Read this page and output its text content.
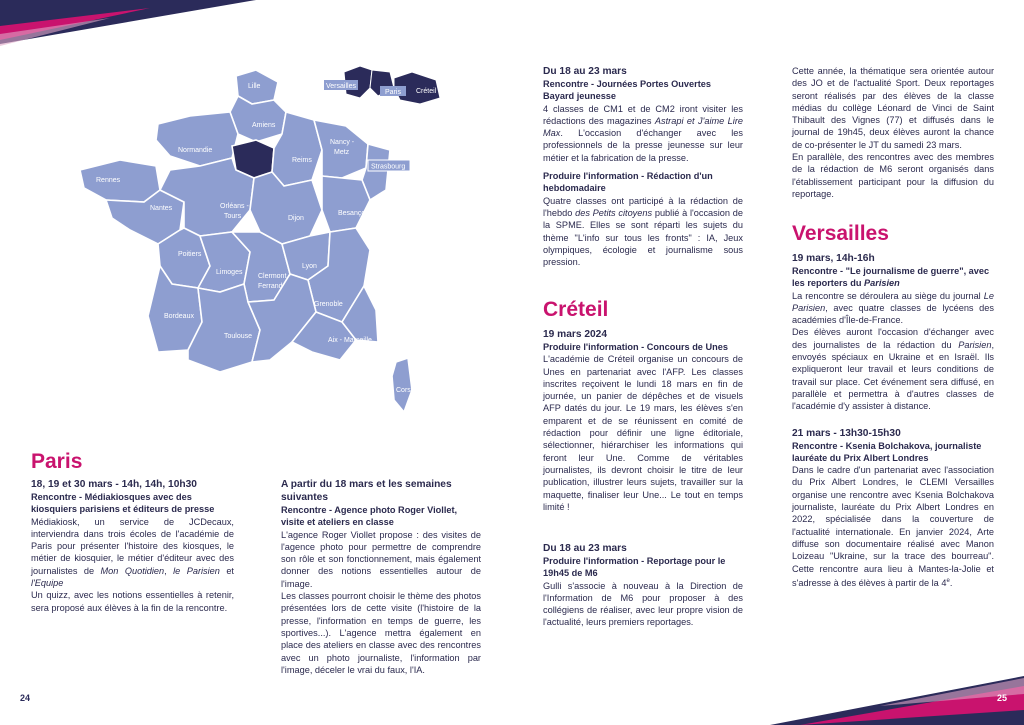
Lille
Amiens
Normandie
Reims
Nancy -
Metz
Rennes
Nantes	Orléans -
Tours	Dijon
Besançon
Poitiers
Limoges
Clermont -
Ferrand
Lyon
Grenoble
Bordeaux
Toulouse
Aix - Marseille
Nice
Montpellier
Corse
Strasbourg
Versailles
Paris Créteil
Paris

18, 19 et 30 mars - 14h, 14h, 10h30

Rencontre - Médiakiosques avec des kiosquiers parisiens et éditeurs de presse

Médiakiosk, un service de JCDecaux, interviendra dans trois écoles de l'académie de Paris pour présenter l'histoire des kiosques, le métier de kiosquier, le métier d'éditeur avec des journalistes de Mon Quotidien, le Parisien et l'Equipe

Un quizz, avec les notions essentielles à retenir, sera proposé aux élèves à la fin de la rencontre.

A partir du 18 mars et les semaines suivantes

Rencontre - Agence photo Roger Viollet, visite et ateliers en classe

L'agence Roger Viollet propose : des visites de l'agence photo pour permettre de comprendre son rôle et son fonctionnement, mais également donner des notions essentielles autour de l'image.

Les classes pourront choisir le thème des photos présentées lors de cette visite (l'histoire de la presse, l'information en temps de guerre, les sportives...). L'agence mettra également en place des ateliers en classe avec des rencontres avec un photo journaliste, l'information par l'image, déceler le vrai du faux, l'IA.

Du 18 au 23 mars

Rencontre - Journées Portes Ouvertes Bayard jeunesse

4 classes de CM1 et de CM2 iront visiter les rédactions des magazines Astrapi et J'aime Lire Max. L'occasion d'échanger avec les professionnels de la presse jeunesse sur leur métier et la fabrication de la presse.

Produire l'information - Rédaction d'un hebdomadaire

Quatre classes ont participé à la rédaction de l'hebdo des Petits citoyens publié à l'occasion de la SPME. Elles se sont réparti les sujets du thème "L'info sur tous les fronts" : IA, Jeux olympiques, écologie et journalisme sous pression.

Créteil

19 mars 2024

Produire l'information - Concours de Unes

L'académie de Créteil organise un concours de Unes en partenariat avec l'AFP. Les classes inscrites reçoivent le lundi 18 mars en fin de journée, un panier de dépêches et de visuels AFP datés du jour. Le 19 mars, les élèves s'en emparent et de se réunissent en comité de rédaction pour définir une ligne éditoriale, sélectionner, hiérarchiser les informations qui feront leur Une. Comme de véritables journalistes, ils devront choisir le titre de leur publication, illustrer leurs sujets, travailler sur la maquette, finaliser leur Une... Le tout en temps limité !

Du 18 au 23 mars

Produire l'information - Reportage pour le 19h45 de M6

Gulli s'associe à nouveau à la Direction de l'Information de M6 pour proposer à des collégiens de réaliser, avec leur propre vision de l'actualité, leurs premiers reportages.

Cette année, la thématique sera orientée autour des JO et de l'actualité Sport. Deux reportages seront réalisés par des élèves de la classe médias du collège Léonard de Vinci de Saint Thibault des Vignes (77) et diffusés dans le journal de 19h45, deux élèves auront la chance de co-présenter le JT du samedi 23 mars.

En parallèle, des rencontres avec des membres de la rédaction de M6 seront organisés dans l'établissement participant pour la diffusion du reportage.

Versailles

19 mars, 14h-16h

Rencontre - "Le journalisme de guerre", avec les reporters du Parisien

La rencontre se déroulera au siège du journal Le Parisien, avec quatre classes de lycéens des académies d'Île-de-France.

Des élèves auront l'occasion d'échanger avec des journalistes de la rédaction du Parisien, envoyés spéciaux en Ukraine et en Israël. Ils expliqueront leur travail et leurs conditions de travail sur place. Cet événement sera diffusé, en parallèle et permettra à d'autres classes de l'académie d'y assister à distance.

21 mars - 13h30-15h30

Rencontre - Ksenia Bolchakova, journaliste lauréate du Prix Albert Londres

Dans le cadre d'un partenariat avec l'association du Prix Albert Londres, le CLEMI Versailles organise une rencontre avec Ksenia Bolchakova journaliste, lauréate du Prix Albert Londres en 2022, spécialisée dans la couverture de l'actualité internationale. En janvier 2024, Arte diffuse son documentaire réalisé avec Manon Loizeau "Ukraine, sur la trace des bourreau". Cette rencontre aura lieu à Mantes-la-Jolie et s'adresse à des élèves à partir de la 4e.

24	25
